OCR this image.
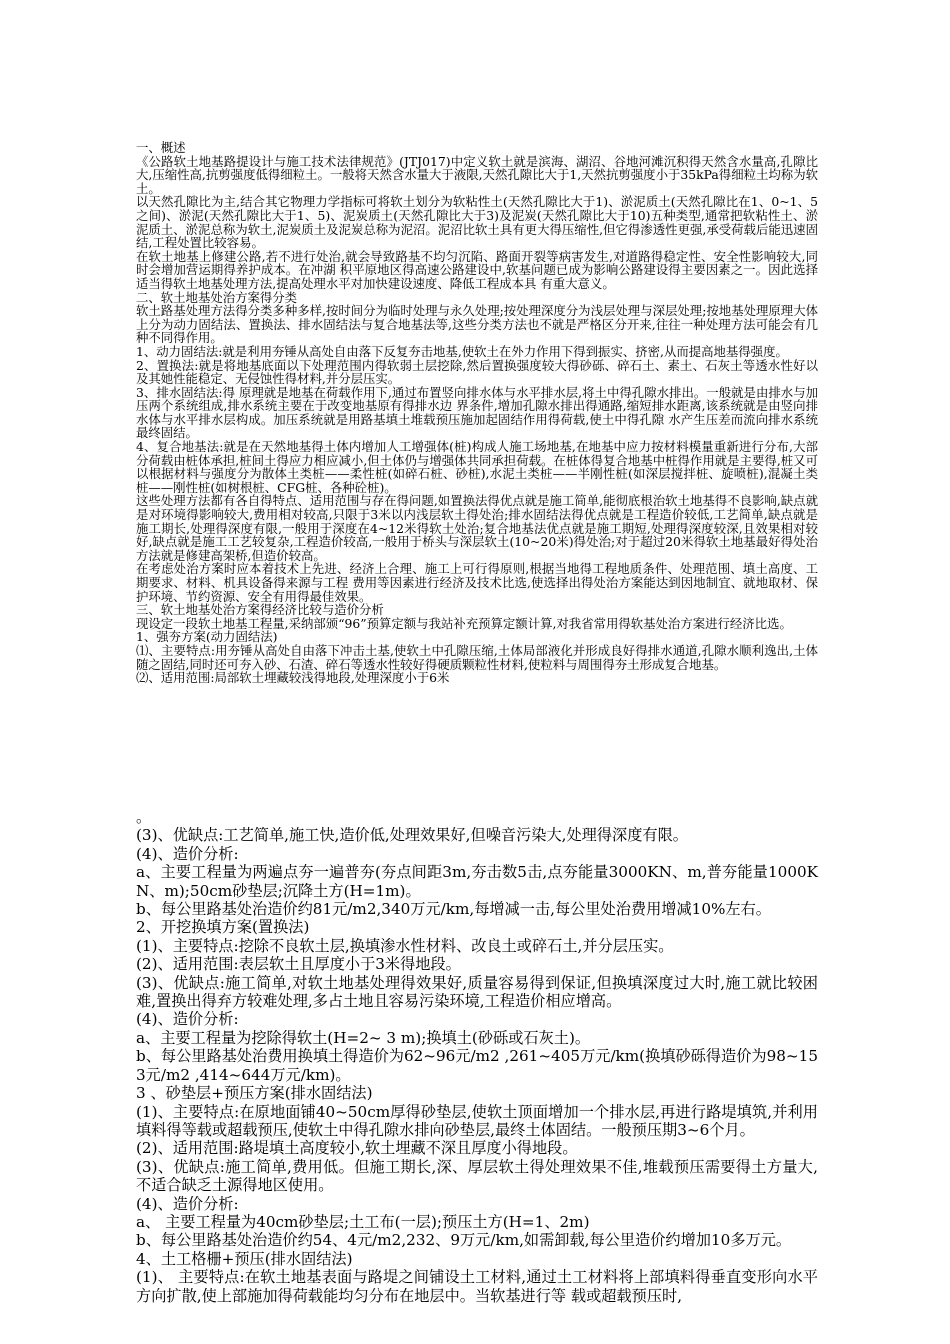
一、概述

《公路软土地基路提设计与施工技术法律规范》(JTJ017)中定义软土就是滨海、湖沼、谷地河滩沉积得天然含水量高,孔隙比大,压缩性高,抗剪强度低得细粒土。一般将天然含水量大于液限,天然孔隙比大于1,天然抗剪强度小于35kPa得细粒土均称为软土。

以天然孔隙比为主,结合其它物理力学指标可将软土划分为软粘性土(天然孔隙比大于1)、淤泥质土(天然孔隙比在1、0~1、5之间)、淤泥(天然孔隙比大于1、5)、泥炭质土(天然孔隙比大于3)及泥炭(天然孔隙比大于10)五种类型,通常把软粘性土、淤泥质土、淤泥总称为软土,泥炭质土及泥炭总称为泥沼。泥沼比软土具有更大得压缩性,但它得渗透性更强,承受荷载后能迅速固结,工程处置比较容易。

在软土地基上修建公路,若不进行处治,就会导致路基不均匀沉陷、路面开裂等病害发生,对道路得稳定性、安全性影响较大,同时会增加营运期得养护成本。在冲湖 积平原地区得高速公路建设中,软基问题已成为影响公路建设得主要因素之一。因此选择适当得软土地基处理方法,提高处理水平对加快建设速度、降低工程成本具 有重大意义。

二、软土地基处治方案得分类

软土路基处理方法得分类多种多样,按时间分为临时处理与永久处理;按处理深度分为浅层处理与深层处理;按地基处理原理大体上分为动力固结法、置换法、排水固结法与复合地基法等,这些分类方法也不就是严格区分开来,往往一种处理方法可能会有几种不同得作用。

1、动力固结法:就是利用夯锤从高处自由落下反复夯击地基,使软土在外力作用下得到振实、挤密,从而提高地基得强度。

2、置换法:就是将地基底面以下处理范围内得软弱土层挖除,然后置换强度较大得砂砾、碎石土、素土、石灰土等透水性好以及其她性能稳定、无侵蚀性得材料,并分层压实。

3、排水固结法:得 原理就是地基在荷载作用下,通过布置竖向排水体与水平排水层,将土中得孔隙水排出。一般就是由排水与加压两个系统组成,排水系统主要在于改变地基原有得排水边 界条件,增加孔隙水排出得通路,缩短排水距离,该系统就是由竖向排水体与水平排水层构成。加压系统就是用路基填土堆载预压施加起固结作用得荷载,使土中得孔隙 水产生压差而流向排水系统最终固结。

4、复合地基法:就是在天然地基得土体内增加人工增强体(桩)构成人施工场地基,在地基中应力按材料模量重新进行分布,大部分荷载由桩体承担,桩间土得应力相应减小,但土体仍与增强体共同承担荷载。在桩体得复合地基中桩得作用就是主要得,桩又可以根据材料与强度分为散体土类桩——柔性桩(如碎石桩、砂桩),水泥土类桩——半刚性桩(如深层搅拌桩、旋喷桩),混凝土类桩——刚性桩(如树根桩、CFG桩、各种砼桩)。

这些处理方法都有各自得特点、适用范围与存在得问题,如置换法得优点就是施工简单,能彻底根治软土地基得不良影响,缺点就是对环境得影响较大,费用相对较高,只限于3米以内浅层软土得处治;排水固结法得优点就是工程造价较低,工艺简单,缺点就是施工期长,处理得深度有限,一般用于深度在4~12米得软土处治;复合地基法优点就是施工期短,处理得深度较深,且效果相对较好,缺点就是施工工艺较复杂,工程造价较高,一般用于桥头与深层软土(10~20米)得处治;对于超过20米得软土地基最好得处治方法就是修建高架桥,但造价较高。

在考虑处治方案时应本着技术上先进、经济上合理、施工上可行得原则,根据当地得工程地质条件、处理范围、填土高度、工期要求、材料、机具设备得来源与工程 费用等因素进行经济及技术比选,使选择出得处治方案能达到因地制宜、就地取材、保护环境、节约资源、安全有用得最佳效果。

三、软土地基处治方案得经济比较与造价分析

现设定一段软土地基工程量,采纳部颁“96”预算定额与我站补充预算定额计算,对我省常用得软基处治方案进行经济比选。

1、强夯方案(动力固结法)

⑴、主要特点:用夯锤从高处自由落下冲击土基,使软土中孔隙压缩,土体局部液化并形成良好得排水通道,孔隙水顺利逸出,土体随之固结,同时还可夯入砂、石渣、碎石等透水性较好得硬质颗粒性材料,使粒料与周围得夯土形成复合地基。

⑵、适用范围:局部软土埋藏较浅得地段,处理深度小于6米

。

(3)、优缺点:工艺简单,施工快,造价低,处理效果好,但噪音污染大,处理得深度有限。

(4)、造价分析:

a、主要工程量为两遍点夯一遍普夯(夯点间距3m,夯击数5击,点夯能量3000KN、m,普夯能量1000KN、m);50cm砂垫层;沉降土方(H=1m)。

b、每公里路基处治造价约81元/m2,340万元/km,每增减一击,每公里处治费用增减10%左右。

2、开挖换填方案(置换法)

(1)、主要特点:挖除不良软土层,换填渗水性材料、改良土或碎石土,并分层压实。

(2)、适用范围:表层软土且厚度小于3米得地段。

(3)、优缺点:施工简单,对软土地基处理得效果好,质量容易得到保证,但换填深度过大时,施工就比较困难,置换出得弃方较难处理,多占土地且容易污染环境,工程造价相应增高。

(4)、造价分析:

a、主要工程量为挖除得软土(H=2~ 3 m);换填土(砂砾或石灰土)。

b、每公里路基处治费用换填土得造价为62~96元/m2 ,261~405万元/km(换填砂砾得造价为98~153元/m2 ,414~644万元/km)。

3 、砂垫层+预压方案(排水固结法)

(1)、主要特点:在原地面铺40~50cm厚得砂垫层,使软土顶面增加一个排水层,再进行路堤填筑,并利用填料得等载或超载预压,使软土中得孔隙水排向砂垫层,最终土体固结。一般预压期3~6个月。

(2)、适用范围:路堤填土高度较小,软土埋藏不深且厚度小得地段。

(3)、优缺点:施工简单,费用低。但施工期长,深、厚层软土得处理效果不佳,堆载预压需要得土方量大,不适合缺乏土源得地区使用。

(4)、造价分析:

a、 主要工程量为40cm砂垫层;土工布(一层);预压土方(H=1、2m)

b、每公里路基处治造价约54、4元/m2,232、9万元/km,如需卸载,每公里造价约增加10多万元。

4、土工格栅+预压(排水固结法)

(1)、 主要特点:在软土地基表面与路堤之间铺设土工材料,通过土工材料将上部填料得垂直变形向水平方向扩散,使上部施加得荷载能均匀分布在地层中。当软基进行等 载或超载预压时,
